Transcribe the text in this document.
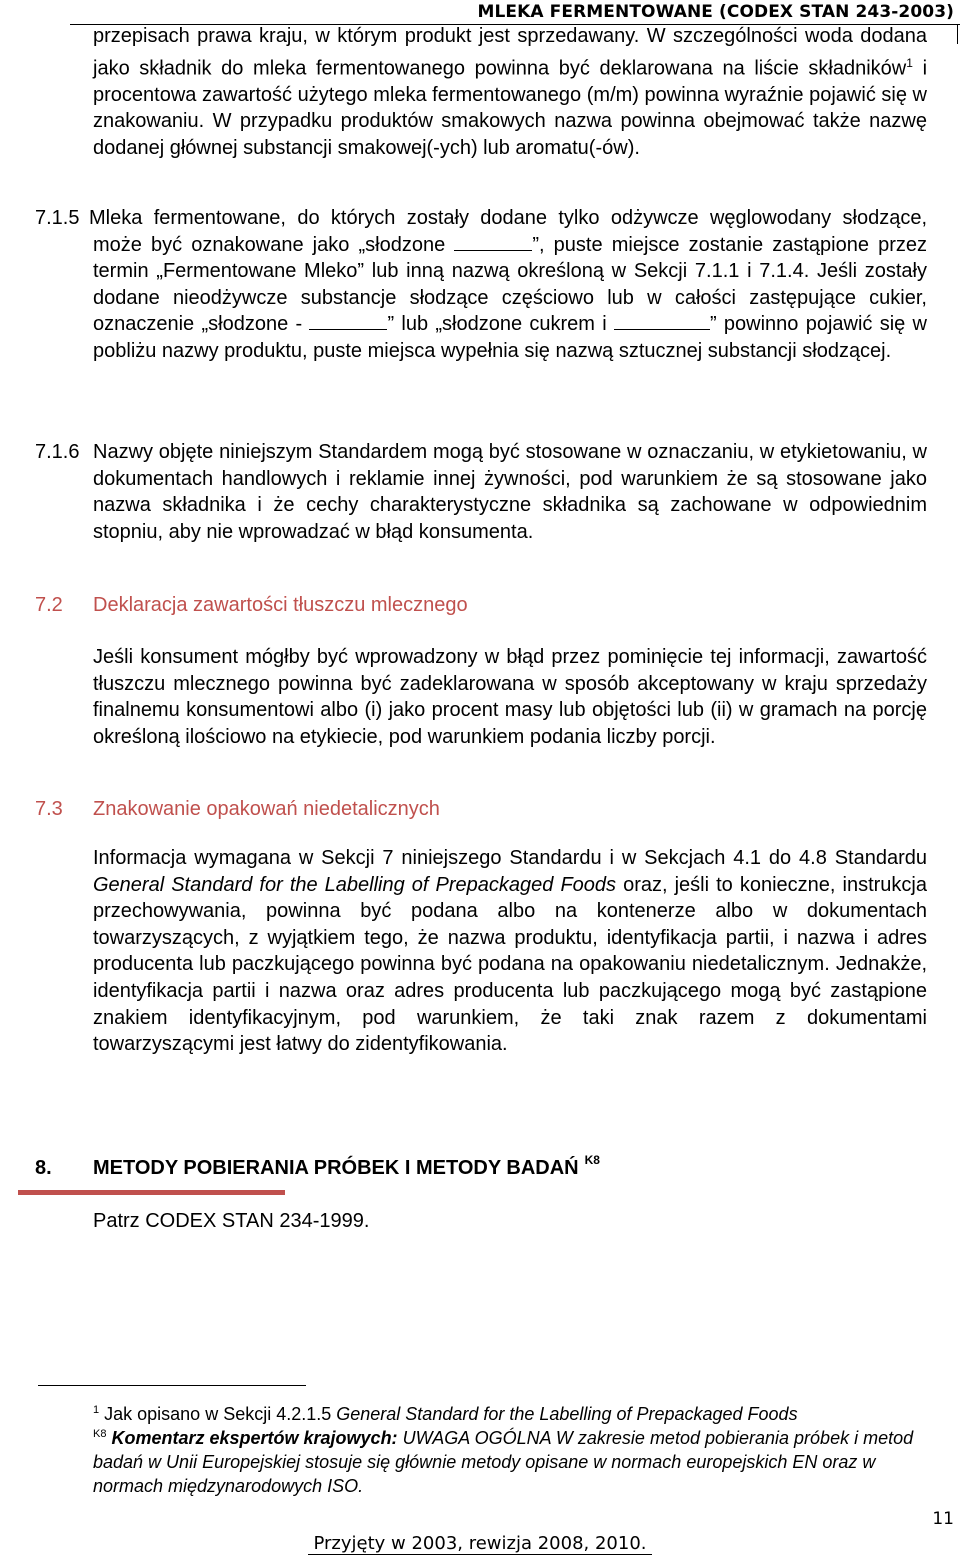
MLEKA FERMENTOWANE (CODEX STAN 243-2003)
przepisach prawa kraju, w którym produkt jest sprzedawany. W szczególności woda dodana jako składnik do mleka fermentowanego powinna być deklarowana na liście składników$^1$ i procentowa zawartość użytego mleka fermentowanego (m/m) powinna wyraźnie pojawić się w znakowaniu. W przypadku produktów smakowych nazwa powinna obejmować także nazwę dodanej głównej substancji smakowej(-ych) lub aromatu(-ów).
7.1.5 Mleka fermentowane, do których zostały dodane tylko odżywcze węglowodany słodzące, może być oznakowane jako „słodzone	”, puste miejsce zostanie zastąpione przez termin „Fermentowane Mleko” lub inną nazwą określoną w Sekcji 7.1.1 i 7.1.4. Jeśli zostały dodane nieodżywcze substancje słodzące częściowo lub w całości zastępujące cukier, oznaczenie „słodzone -	” lub „słodzone cukrem i	” powinno pojawić się w pobliżu nazwy produktu, puste miejsca wypełnia się nazwą sztucznej substancji słodzącej.
7.1.6 Nazwy objęte niniejszym Standardem mogą być stosowane w oznaczaniu, w etykietowaniu, w dokumentach handlowych i reklamie innej żywności, pod warunkiem że są stosowane jako nazwa składnika i że cechy charakterystyczne składnika są zachowane w odpowiednim stopniu, aby nie wprowadzać w błąd konsumenta.
7.2 Deklaracja zawartości tłuszczu mlecznego
Jeśli konsument mógłby być wprowadzony w błąd przez pominięcie tej informacji, zawartość tłuszczu mlecznego powinna być zadeklarowana w sposób akceptowany w kraju sprzedaży finalnemu konsumentowi albo (i) jako procent masy lub objętości lub (ii) w gramach na porcję określoną ilościowo na etykiecie, pod warunkiem podania liczby porcji.
7.3 Znakowanie opakowań niedetalicznych
Informacja wymagana w Sekcji 7 niniejszego Standardu i w Sekcjach 4.1 do 4.8 Standardu General Standard for the Labelling of Prepackaged Foods oraz, jeśli to konieczne, instrukcja przechowywania, powinna być podana albo na kontenerze albo w dokumentach towarzyszących, z wyjątkiem tego, że nazwa produktu, identyfikacja partii, i nazwa i adres producenta lub paczkującego powinna być podana na opakowaniu niedetalicznym. Jednakże, identyfikacja partii i nazwa oraz adres producenta lub paczkującego mogą być zastąpione znakiem identyfikacyjnym, pod warunkiem, że taki znak razem z dokumentami towarzyszącymi jest łatwy do zidentyfikowania.
8. METODY POBIERANIA PRÓBEK I METODY BADAŃ $^{K8}$
Patrz CODEX STAN 234-1999.
$^1$ Jak opisano w Sekcji 4.2.1.5 General Standard for the Labelling of Prepackaged Foods
$^{K8}$ Komentarz ekspertów krajowych: UWAGA OGÓLNA W zakresie metod pobierania próbek i metod badań w Unii Europejskiej stosuje się głównie metody opisane w normach europejskich EN oraz w normach międzynarodowych ISO.
11
Przyjęty w 2003, rewizja 2008, 2010.
